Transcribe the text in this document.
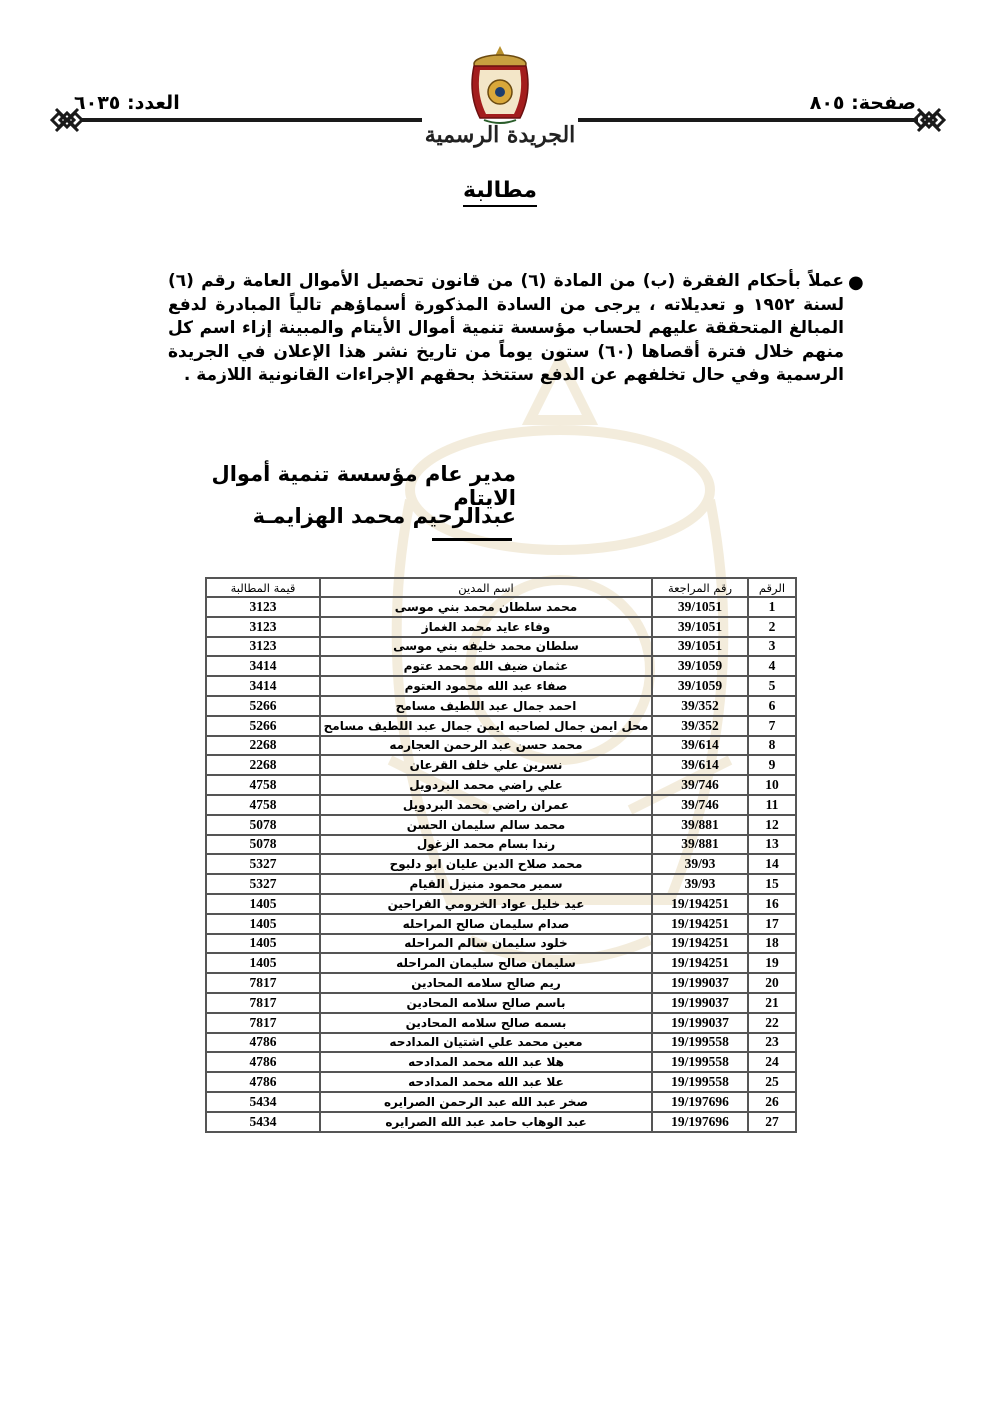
صفحة: ٨٠٥
العدد: ٦٠٣٥
الجريدة الرسمية
مطالبة
●
عملاً بأحكام الفقرة (ب) من المادة (٦) من قانون تحصيل الأموال العامة رقم (٦) لسنة ١٩٥٢ و تعديلاته ، يرجى من السادة المذكورة أسماؤهم تالياً المبادرة لدفع المبالغ المتحققة عليهم لحساب مؤسسة تنمية أموال الأيتام والمبينة إزاء اسم كل منهم خلال فترة أقصاها (٦٠) ستون يوماً من تاريخ نشر هذا الإعلان في الجريدة الرسمية وفي حال تخلفهم عن الدفع ستتخذ بحقهم الإجراءات القانونية اللازمة .
مدير عام مؤسسة تنمية أموال الايتام
عبدالرحيم محمد الهزايمـة
الرقم	رقم المراجعة	اسم المدين	قيمة المطالبة
1	39/1051	محمد سلطان محمد بني موسى	3123
2	39/1051	وفاء عايد محمد الغماز	3123
3	39/1051	سلطان محمد خليفه بني موسى	3123
4	39/1059	عثمان ضيف الله محمد عتوم	3414
5	39/1059	صفاء عبد الله محمود العتوم	3414
6	39/352	احمد جمال عبد اللطيف مسامح	5266
7	39/352	محل ايمن جمال لصاحبه ايمن جمال عبد اللطيف مسامح	5266
8	39/614	محمد حسن عبد الرحمن العجارمه	2268
9	39/614	نسرين علي خلف القرعان	2268
10	39/746	علي راضي محمد البردويل	4758
11	39/746	عمران راضي محمد البردويل	4758
12	39/881	محمد سالم سليمان الحسن	5078
13	39/881	رندا بسام محمد الزغول	5078
14	39/93	محمد صلاح الدين عليان ابو دلبوح	5327
15	39/93	سمير محمود منيزل القيام	5327
16	19/194251	عيد خليل عواد الخرومي الفراحين	1405
17	19/194251	صدام سليمان صالح المراحله	1405
18	19/194251	خلود سليمان سالم المراحله	1405
19	19/194251	سليمان صالح سليمان المراحله	1405
20	19/199037	ريم صالح سلامه المحادين	7817
21	19/199037	باسم صالح سلامه المحادين	7817
22	19/199037	بسمه صالح سلامه المحادين	7817
23	19/199558	معين محمد علي اشتيان المدادحه	4786
24	19/199558	هلا عبد الله محمد المدادحه	4786
25	19/199558	علا عبد الله محمد المدادحه	4786
26	19/197696	صخر عبد الله عبد الرحمن الصرايره	5434
27	19/197696	عبد الوهاب حامد عبد الله الصرايره	5434
